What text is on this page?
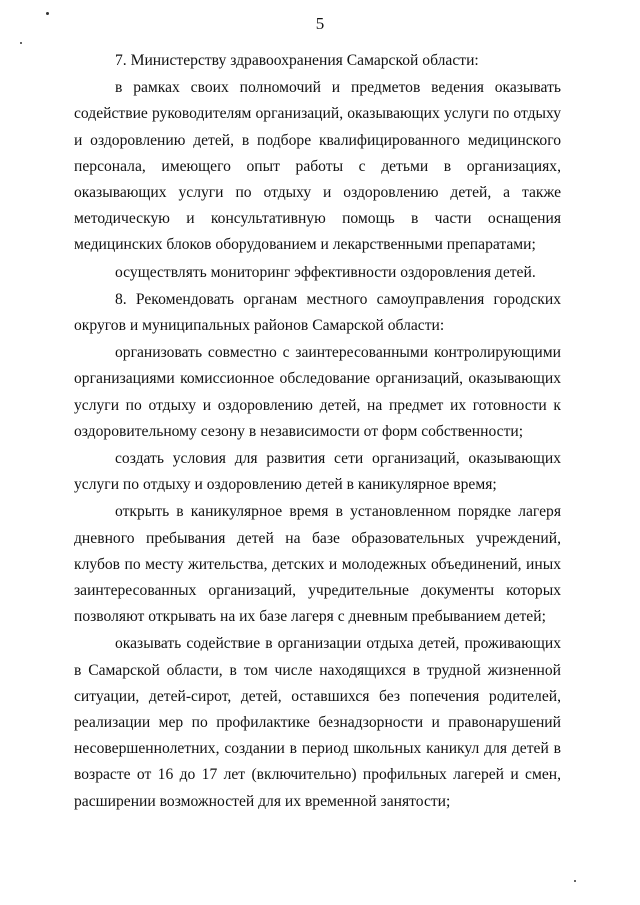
5

7. Министерству здравоохранения Самарской области:

в рамках своих полномочий и предметов ведения оказывать содействие руководителям организаций, оказывающих услуги по отдыху и оздоровлению детей, в подборе квалифицированного медицинского персонала, имеющего опыт работы с детьми в организациях, оказывающих услуги по отдыху и оздоровлению детей, а также методическую и консультативную помощь в части оснащения медицинских блоков оборудованием и лекарственными препаратами;

осуществлять мониторинг эффективности оздоровления детей.

8. Рекомендовать органам местного самоуправления городских округов и муниципальных районов Самарской области:

организовать совместно с заинтересованными контролирующими организациями комиссионное обследование организаций, оказывающих услуги по отдыху и оздоровлению детей, на предмет их готовности к оздоровительному сезону в независимости от форм собственности;

создать условия для развития сети организаций, оказывающих услуги по отдыху и оздоровлению детей в каникулярное время;

открыть в каникулярное время в установленном порядке лагеря дневного пребывания детей на базе образовательных учреждений, клубов по месту жительства, детских и молодежных объединений, иных заинтересованных организаций, учредительные документы которых позволяют открывать на их базе лагеря с дневным пребыванием детей;

оказывать содействие в организации отдыха детей, проживающих в Самарской области, в том числе находящихся в трудной жизненной ситуации, детей-сирот, детей, оставшихся без попечения родителей, реализации мер по профилактике безнадзорности и правонарушений несовершеннолетних, создании в период школьных каникул для детей в возрасте от 16 до 17 лет (включительно) профильных лагерей и смен, расширении возможностей для их временной занятости;
